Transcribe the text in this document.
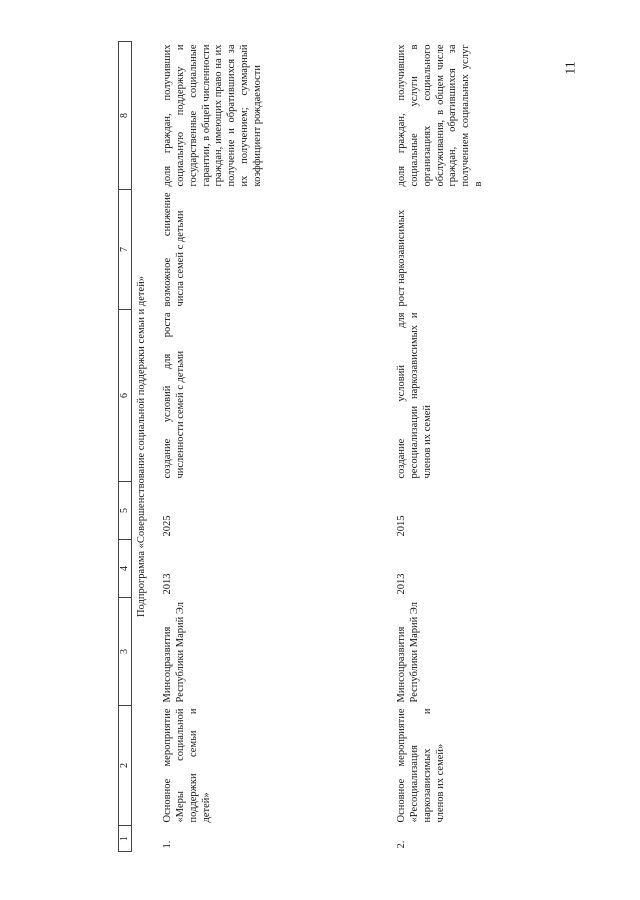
11
1	2	3	4	5	6	7	8
Подпрограмма «Совершенствование социальной поддержки семьи и детей»							
1.	Основное мероприятие «Меры социальной поддержки семьи и детей»	Минсоцразвития Республики Марий Эл	2013	2025	создание условий для роста численности семей с детьми	возможное снижение числа семей с детьми	доля граждан, получивших социальную поддержку и государственные социальные гарантии, в общей численности граждан, имеющих право на их получение и обратившихся за их получением; суммарный коэффициент рождаемости
2.	Основное мероприятие «Ресоциализация наркозависимых и членов их семей»	Минсоцразвития Республики Марий Эл	2013	2015	создание условий для ресоциализации наркозависимых и членов их семей	рост наркозависимых	доля граждан, получивших социальные услуги в организациях социального обслуживания, в общем числе граждан, обратившихся за получением социальных услуг в
